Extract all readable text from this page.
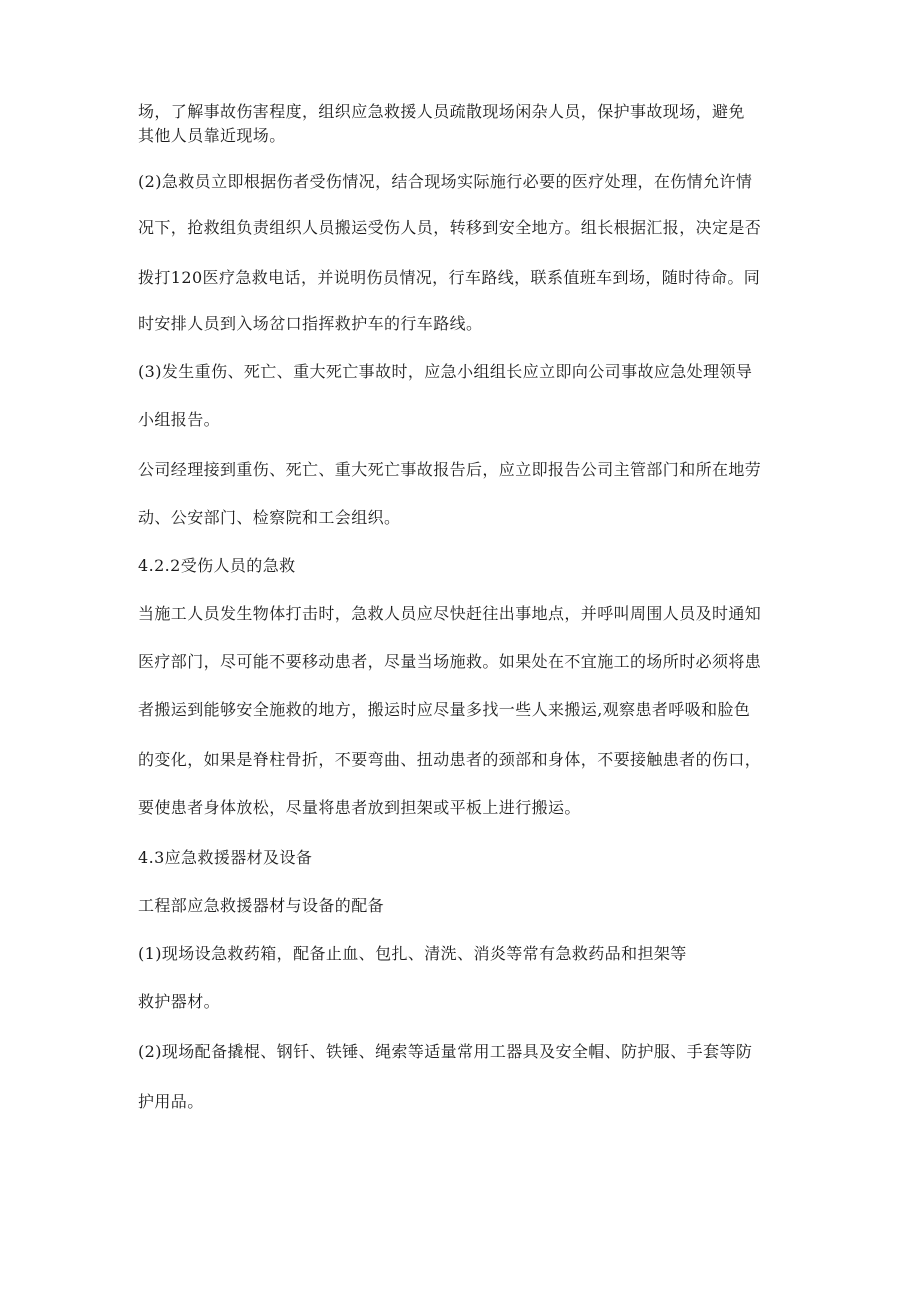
场，了解事故伤害程度，组织应急救援人员疏散现场闲杂人员，保护事故现场，避免
其他人员靠近现场。
(2)急救员立即根据伤者受伤情况，结合现场实际施行必要的医疗处理，在伤情允许情
况下，抢救组负责组织人员搬运受伤人员，转移到安全地方。组长根据汇报，决定是否
拨打120医疗急救电话，并说明伤员情况，行车路线，联系值班车到场，随时待命。同
时安排人员到入场岔口指挥救护车的行车路线。
(3)发生重伤、死亡、重大死亡事故时，应急小组组长应立即向公司事故应急处理领导
小组报告。
公司经理接到重伤、死亡、重大死亡事故报告后，应立即报告公司主管部门和所在地劳
动、公安部门、检察院和工会组织。
4.2.2受伤人员的急救
当施工人员发生物体打击时，急救人员应尽快赶往出事地点，并呼叫周围人员及时通知
医疗部门，尽可能不要移动患者，尽量当场施救。如果处在不宜施工的场所时必须将患
者搬运到能够安全施救的地方，搬运时应尽量多找一些人来搬运,观察患者呼吸和脸色
的变化，如果是脊柱骨折，不要弯曲、扭动患者的颈部和身体，不要接触患者的伤口，
要使患者身体放松，尽量将患者放到担架或平板上进行搬运。
4.3应急救援器材及设备
工程部应急救援器材与设备的配备
(1)现场设急救药箱，配备止血、包扎、清洗、消炎等常有急救药品和担架等
救护器材。
(2)现场配备撬棍、钢钎、铁锤、绳索等适量常用工器具及安全帽、防护服、手套等防
护用品。
